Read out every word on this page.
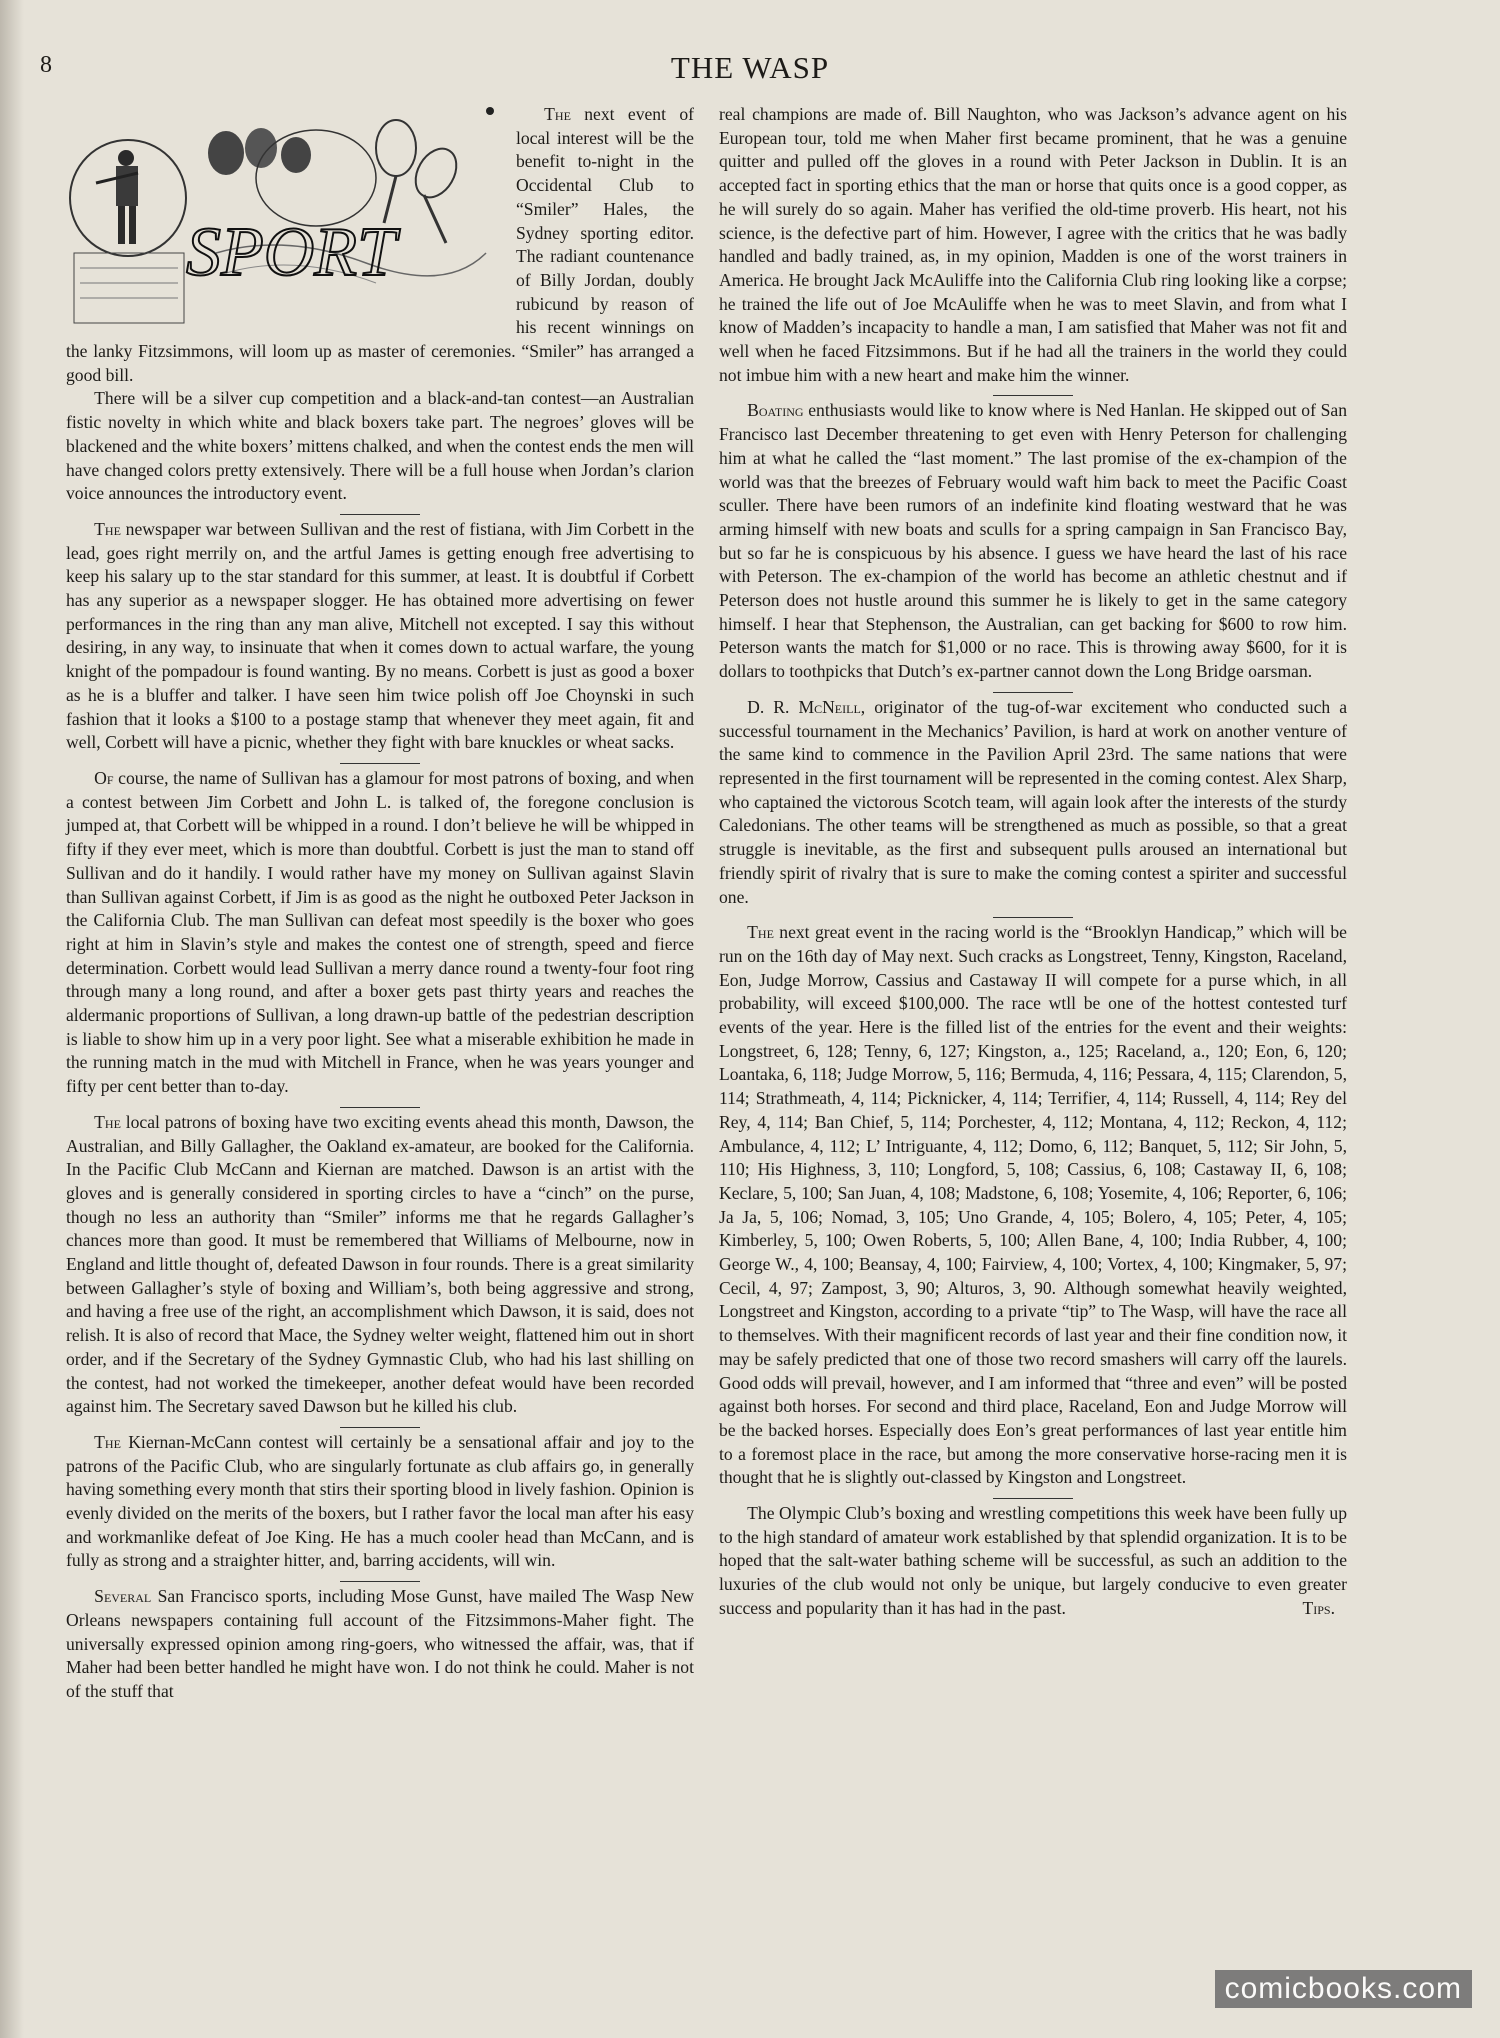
8	THE WASP
SPORT

The next event of local interest will be the benefit to-night in the Occidental Club to “Smiler” Hales, the Sydney sporting editor. The radiant countenance of Billy Jordan, doubly rubicund by reason of his recent winnings on the lanky Fitzsimmons, will loom up as master of ceremonies. “Smiler” has arranged a good bill.

There will be a silver cup competition and a black-and-tan contest—an Australian fistic novelty in which white and black boxers take part. The negroes’ gloves will be blackened and the white boxers’ mittens chalked, and when the contest ends the men will have changed colors pretty extensively. There will be a full house when Jordan’s clarion voice announces the introductory event.

The newspaper war between Sullivan and the rest of fistiana, with Jim Corbett in the lead, goes right merrily on, and the artful James is getting enough free advertising to keep his salary up to the star standard for this summer, at least. It is doubtful if Corbett has any superior as a newspaper slogger. He has obtained more advertising on fewer performances in the ring than any man alive, Mitchell not excepted. I say this without desiring, in any way, to insinuate that when it comes down to actual warfare, the young knight of the pompadour is found wanting. By no means. Corbett is just as good a boxer as he is a bluffer and talker. I have seen him twice polish off Joe Choynski in such fashion that it looks a $100 to a postage stamp that whenever they meet again, fit and well, Corbett will have a picnic, whether they fight with bare knuckles or wheat sacks.

Of course, the name of Sullivan has a glamour for most patrons of boxing, and when a contest between Jim Corbett and John L. is talked of, the foregone conclusion is jumped at, that Corbett will be whipped in a round. I don’t believe he will be whipped in fifty if they ever meet, which is more than doubtful. Corbett is just the man to stand off Sullivan and do it handily. I would rather have my money on Sullivan against Slavin than Sullivan against Corbett, if Jim is as good as the night he outboxed Peter Jackson in the California Club. The man Sullivan can defeat most speedily is the boxer who goes right at him in Slavin’s style and makes the contest one of strength, speed and fierce determination. Corbett would lead Sullivan a merry dance round a twenty-four foot ring through many a long round, and after a boxer gets past thirty years and reaches the aldermanic proportions of Sullivan, a long drawn-up battle of the pedestrian description is liable to show him up in a very poor light. See what a miserable exhibition he made in the running match in the mud with Mitchell in France, when he was years younger and fifty per cent better than to-day.

The local patrons of boxing have two exciting events ahead this month, Dawson, the Australian, and Billy Gallagher, the Oakland ex-amateur, are booked for the California. In the Pacific Club McCann and Kiernan are matched. Dawson is an artist with the gloves and is generally considered in sporting circles to have a “cinch” on the purse, though no less an authority than “Smiler” informs me that he regards Gallagher’s chances more than good. It must be remembered that Williams of Melbourne, now in England and little thought of, defeated Dawson in four rounds. There is a great similarity between Gallagher’s style of boxing and William’s, both being aggressive and strong, and having a free use of the right, an accomplishment which Dawson, it is said, does not relish. It is also of record that Mace, the Sydney welter weight, flattened him out in short order, and if the Secretary of the Sydney Gymnastic Club, who had his last shilling on the contest, had not worked the timekeeper, another defeat would have been recorded against him. The Secretary saved Dawson but he killed his club.

The Kiernan-McCann contest will certainly be a sensational affair and joy to the patrons of the Pacific Club, who are singularly fortunate as club affairs go, in generally having something every month that stirs their sporting blood in lively fashion. Opinion is evenly divided on the merits of the boxers, but I rather favor the local man after his easy and workmanlike defeat of Joe King. He has a much cooler head than McCann, and is fully as strong and a straighter hitter, and, barring accidents, will win.

Several San Francisco sports, including Mose Gunst, have mailed The Wasp New Orleans newspapers containing full account of the Fitzsimmons-Maher fight. The universally expressed opinion among ring-goers, who witnessed the affair, was, that if Maher had been better handled he might have won. I do not think he could. Maher is not of the stuff that

real champions are made of. Bill Naughton, who was Jackson’s advance agent on his European tour, told me when Maher first became prominent, that he was a genuine quitter and pulled off the gloves in a round with Peter Jackson in Dublin. It is an accepted fact in sporting ethics that the man or horse that quits once is a good copper, as he will surely do so again. Maher has verified the old-time proverb. His heart, not his science, is the defective part of him. However, I agree with the critics that he was badly handled and badly trained, as, in my opinion, Madden is one of the worst trainers in America. He brought Jack McAuliffe into the California Club ring looking like a corpse; he trained the life out of Joe McAuliffe when he was to meet Slavin, and from what I know of Madden’s incapacity to handle a man, I am satisfied that Maher was not fit and well when he faced Fitzsimmons. But if he had all the trainers in the world they could not imbue him with a new heart and make him the winner.

Boating enthusiasts would like to know where is Ned Hanlan. He skipped out of San Francisco last December threatening to get even with Henry Peterson for challenging him at what he called the “last moment.” The last promise of the ex-champion of the world was that the breezes of February would waft him back to meet the Pacific Coast sculler. There have been rumors of an indefinite kind floating westward that he was arming himself with new boats and sculls for a spring campaign in San Francisco Bay, but so far he is conspicuous by his absence. I guess we have heard the last of his race with Peterson. The ex-champion of the world has become an athletic chestnut and if Peterson does not hustle around this summer he is likely to get in the same category himself. I hear that Stephenson, the Australian, can get backing for $600 to row him. Peterson wants the match for $1,000 or no race. This is throwing away $600, for it is dollars to toothpicks that Dutch’s ex-partner cannot down the Long Bridge oarsman.

D. R. McNeill, originator of the tug-of-war excitement who conducted such a successful tournament in the Mechanics’ Pavilion, is hard at work on another venture of the same kind to commence in the Pavilion April 23rd. The same nations that were represented in the first tournament will be represented in the coming contest. Alex Sharp, who captained the victorous Scotch team, will again look after the interests of the sturdy Caledonians. The other teams will be strengthened as much as possible, so that a great struggle is inevitable, as the first and subsequent pulls aroused an international but friendly spirit of rivalry that is sure to make the coming contest a spiriter and successful one.

The next great event in the racing world is the “Brooklyn Handicap,” which will be run on the 16th day of May next. Such cracks as Longstreet, Tenny, Kingston, Raceland, Eon, Judge Morrow, Cassius and Castaway II will compete for a purse which, in all probability, will exceed $100,000. The race wtll be one of the hottest contested turf events of the year. Here is the filled list of the entries for the event and their weights: Longstreet, 6, 128; Tenny, 6, 127; Kingston, a., 125; Raceland, a., 120; Eon, 6, 120; Loantaka, 6, 118; Judge Morrow, 5, 116; Bermuda, 4, 116; Pessara, 4, 115; Clarendon, 5, 114; Strathmeath, 4, 114; Picknicker, 4, 114; Terrifier, 4, 114; Russell, 4, 114; Rey del Rey, 4, 114; Ban Chief, 5, 114; Porchester, 4, 112; Montana, 4, 112; Reckon, 4, 112; Ambulance, 4, 112; L’ Intriguante, 4, 112; Domo, 6, 112; Banquet, 5, 112; Sir John, 5, 110; His Highness, 3, 110; Longford, 5, 108; Cassius, 6, 108; Castaway II, 6, 108; Keclare, 5, 100; San Juan, 4, 108; Madstone, 6, 108; Yosemite, 4, 106; Reporter, 6, 106; Ja Ja, 5, 106; Nomad, 3, 105; Uno Grande, 4, 105; Bolero, 4, 105; Peter, 4, 105; Kimberley, 5, 100; Owen Roberts, 5, 100; Allen Bane, 4, 100; India Rubber, 4, 100; George W., 4, 100; Beansay, 4, 100; Fairview, 4, 100; Vortex, 4, 100; Kingmaker, 5, 97; Cecil, 4, 97; Zampost, 3, 90; Alturos, 3, 90. Although somewhat heavily weighted, Longstreet and Kingston, according to a private “tip” to The Wasp, will have the race all to themselves. With their magnificent records of last year and their fine condition now, it may be safely predicted that one of those two record smashers will carry off the laurels. Good odds will prevail, however, and I am informed that “three and even” will be posted against both horses. For second and third place, Raceland, Eon and Judge Morrow will be the backed horses. Especially does Eon’s great performances of last year entitle him to a foremost place in the race, but among the more conservative horse-racing men it is thought that he is slightly out-classed by Kingston and Longstreet.

The Olympic Club’s boxing and wrestling competitions this week have been fully up to the high standard of amateur work established by that splendid organization. It is to be hoped that the salt-water bathing scheme will be successful, as such an addition to the luxuries of the club would not only be unique, but largely conducive to even greater success and popularity than it has had in the past.	Tips.

comicbooks.com
